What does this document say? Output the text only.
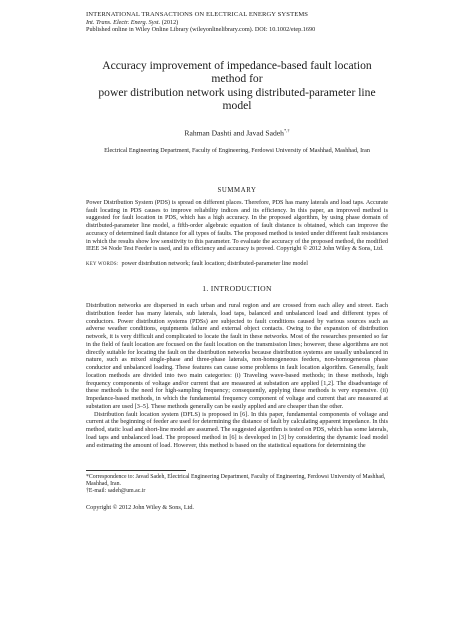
INTERNATIONAL TRANSACTIONS ON ELECTRICAL ENERGY SYSTEMS
Int. Trans. Electr. Energ. Syst. (2012)
Published online in Wiley Online Library (wileyonlinelibrary.com). DOI: 10.1002/etep.1690
Accuracy improvement of impedance-based fault location method for
power distribution network using distributed-parameter line model
Rahman Dashti and Javad Sadeh*,†
Electrical Engineering Department, Faculty of Engineering, Ferdowsi University of Mashhad, Mashhad, Iran
SUMMARY
Power Distribution System (PDS) is spread on different places. Therefore, PDS has many laterals and load taps. Accurate fault locating in PDS causes to improve reliability indices and its efficiency. In this paper, an improved method is suggested for fault location in PDS, which has a high accuracy. In the proposed algorithm, by using phase domain of distributed-parameter line model, a fifth-order algebraic equation of fault distance is obtained, which can improve the accuracy of determined fault distance for all types of faults. The proposed method is tested under different fault resistances in which the results show low sensitivity to this parameter. To evaluate the accuracy of the proposed method, the modified IEEE 34 Node Test Feeder is used, and its efficiency and accuracy is proved. Copyright © 2012 John Wiley & Sons, Ltd.
KEY WORDS: power distribution network; fault location; distributed-parameter line model
1. INTRODUCTION

Distribution networks are dispersed in each urban and rural region and are crossed from each alley and street. Each distribution feeder has many laterals, sub laterals, load taps, balanced and unbalanced load and different types of conductors. Power distribution systems (PDSs) are subjected to fault conditions caused by various sources such as adverse weather conditions, equipments failure and external object contacts. Owing to the expansion of distribution network, it is very difficult and complicated to locate the fault in these networks. Most of the researches presented so far in the field of fault location are focused on the fault location on the transmission lines; however, these algorithms are not directly suitable for locating the fault on the distribution networks because distribution systems are usually unbalanced in nature, such as mixed single-phase and three-phase laterals, non-homogeneous feeders, non-homogeneous phase conductor and unbalanced loading. These features can cause some problems in fault location algorithm. Generally, fault location methods are divided into two main categories: (i) Traveling wave-based methods; in these methods, high frequency components of voltage and/or current that are measured at substation are applied [1,2]. The disadvantage of these methods is the need for high-sampling frequency; consequently, applying these methods is very expensive. (ii) Impedance-based methods, in which the fundamental frequency component of voltage and current that are measured at substation are used [3–5]. These methods generally can be easily applied and are cheaper than the other.

Distribution fault location system (DFLS) is proposed in [6]. In this paper, fundamental components of voltage and current at the beginning of feeder are used for determining the distance of fault by calculating apparent impedance. In this method, static load and short-line model are assumed. The suggested algorithm is tested on PDS, which has some laterals, load taps and unbalanced load. The proposed method in [6] is developed in [3] by considering the dynamic load model and estimating the amount of load. However, this method is based on the statistical equations for determining the

*Correspondence to: Javad Sadeh, Electrical Engineering Department, Faculty of Engineering, Ferdowsi University of Mashhad, Mashhad, Iran.
†E-mail: sadeh@um.ac.ir
Copyright © 2012 John Wiley & Sons, Ltd.
